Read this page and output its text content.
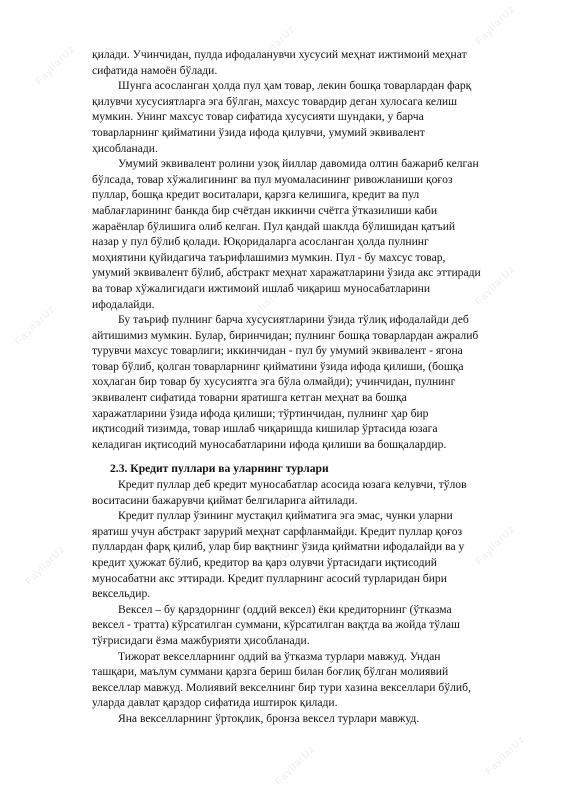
FayllarUz	FayllarUz	FayllarUz
FayllarUz	FayllarUz	FayllarUz
FayllarUz	FayllarUz	FayllarUz
FayllarUz	FayllarUz

қилади. Учинчидан, пулда ифодаланувчи хусусий меҳнат ижтимоий меҳнат
сифатида намоён бўлади.

Шунга асосланган ҳолда пул ҳам товар, лекин бошқа товарлардан фарқ
қилувчи хусусиятларга эга бўлган, махсус товардир деган хулосага келиш
мумкин. Унинг махсус товар сифатида хусусияти шундаки, у барча
товарларнинг қийматини ўзида ифода қилувчи, умумий эквивалент
ҳисобланади.

Умумий эквивалент ролини узоқ йиллар давомида олтин бажариб келган
бўлсада, товар хўжалигининг ва пул муомаласининг ривожланиши қоғоз
пуллар, бошқа кредит воситалари, қарзга келишига, кредит ва пул
маблағларининг банкда бир счётдан иккинчи счётга ўтказилиши каби
жараёнлар бўлишига олиб келган. Пул қандай шаклда бўлишидан қатъий
назар у пул бўлиб қолади. Юқоридаларга асосланган ҳолда пулнинг
моҳиятини қуйидагича таърифлашимиз мумкин. Пул - бу махсус товар,
умумий эквивалент бўлиб, абстракт меҳнат харажатларини ўзида акс эттиради
ва товар хўжалигидаги ижтимоий ишлаб чиқариш муносабатларини
ифодалайди.

Бу таъриф пулнинг барча хусусиятларини ўзида тўлиқ ифодалайди деб
айтишимиз мумкин. Булар, биринчидан; пулнинг бошқа товарлардан ажралиб
турувчи махсус товарлиги; иккинчидан - пул бу умумий эквивалент - ягона
товар бўлиб, қолган товарларнинг қийматини ўзида ифода қилиши, (бошқа
хоҳлаган бир товар бу хусусиятга эга бўла олмайди); учинчидан, пулнинг
эквивалент сифатида товарни яратишга кетган меҳнат ва бошқа
харажатларини ўзида ифода қилиши; тўртинчидан, пулнинг ҳар бир
иқтисодий тизимда, товар ишлаб чиқаришда кишилар ўртасида юзага
келадиган иқтисодий муносабатларини ифода қилиши ва бошқалардир.

2.3. Кредит пуллари ва уларнинг турлари

Кредит пуллар деб кредит муносабатлар асосида юзага келувчи, тўлов
воситасини бажарувчи қиймат белгиларига айтилади.

Кредит пуллар ўзининг мустақил қийматига эга эмас, чунки уларни
яратиш учун абстракт зарурий меҳнат сарфланмайди. Кредит пуллар қоғоз
пуллардан фарқ қилиб, улар бир вақтнинг ўзида қийматни ифодалайди ва у
кредит ҳужжат бўлиб, кредитор ва қарз олувчи ўртасидаги иқтисодий
муносабатни акс эттиради. Кредит пулларнинг асосий турларидан бири
вексельдир.

Вексел – бу қарздорнинг (оддий вексел) ёки кредиторнинг (ўтказма
вексел - тратта) кўрсатилган суммани, кўрсатилган вақтда ва жойда тўлаш
тўғрисидаги ёзма мажбурияти ҳисобланади.

Тижорат векселларнинг оддий ва ўтказма турлари мавжуд. Ундан
ташқари, маълум суммани қарзга бериш билан боғлиқ бўлган молиявий
векселлар мавжуд. Молиявий векселнинг бир тури хазина векселлари бўлиб,
уларда давлат қарздор сифатида иштирок қилади.

Яна векселларнинг ўртоқлик, бронза вексел турлари мавжуд.
